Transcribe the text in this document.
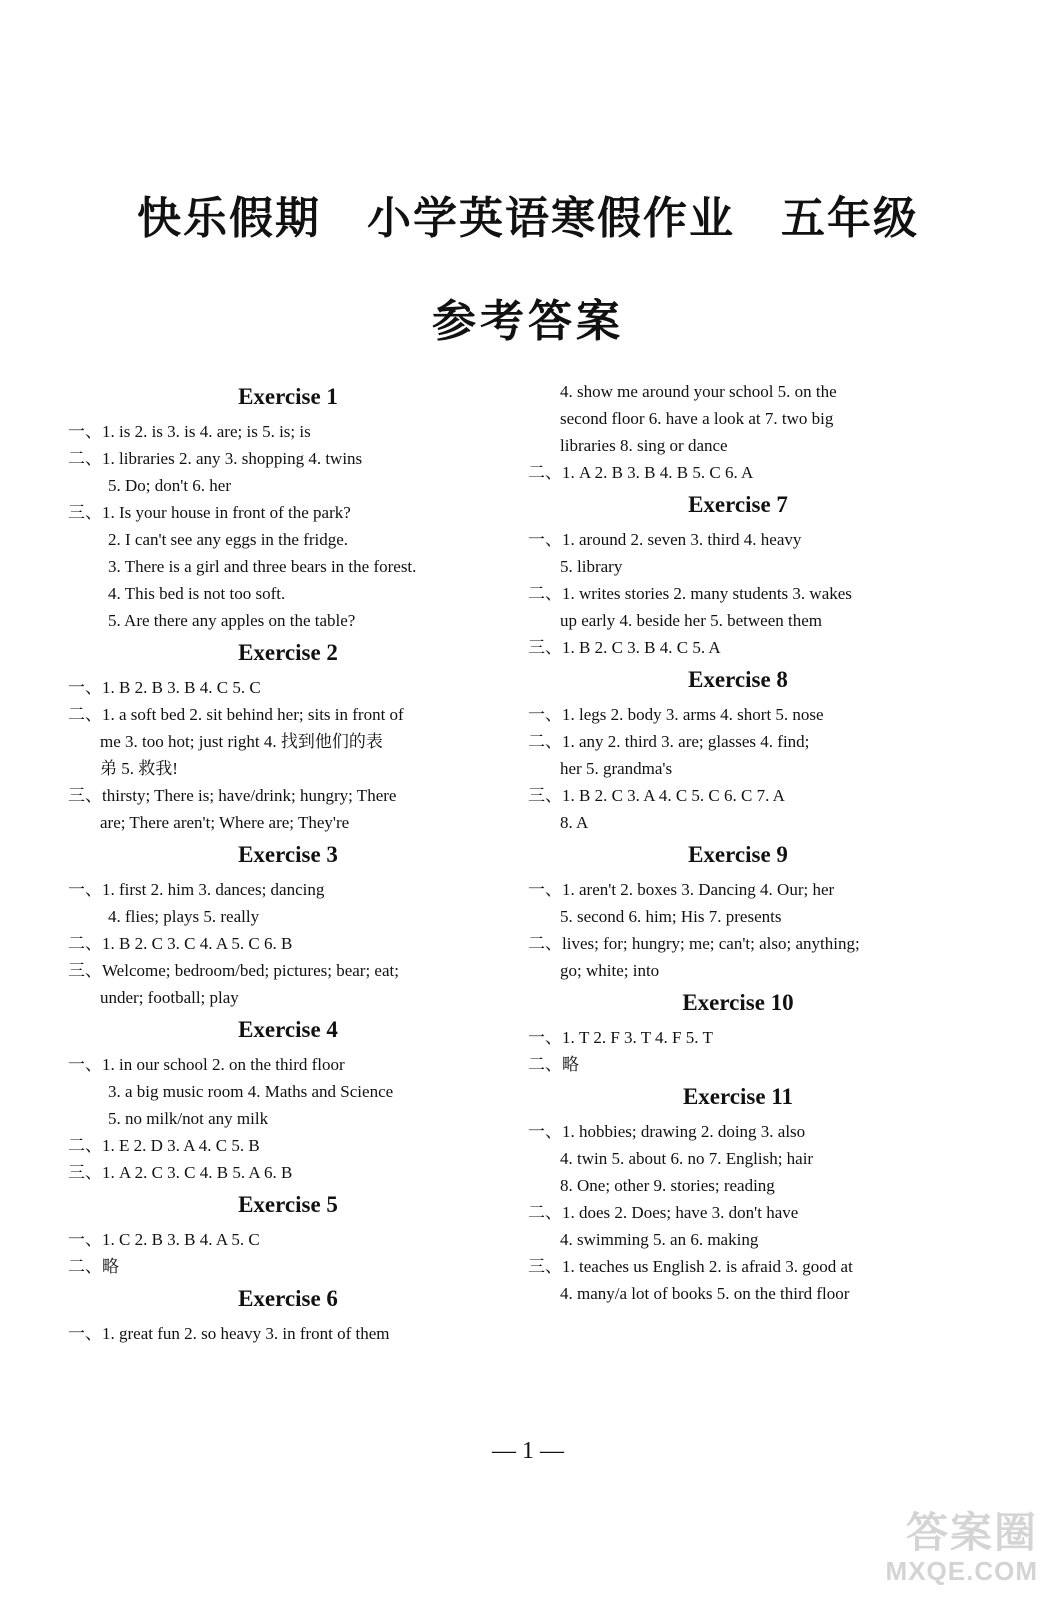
快乐假期　小学英语寒假作业　五年级
参考答案
Exercise 1
一、1. is 2. is 3. is 4. are; is 5. is; is
二、1. libraries 2. any 3. shopping 4. twins
5. Do; don't 6. her
三、1. Is your house in front of the park?
2. I can't see any eggs in the fridge.
3. There is a girl and three bears in the forest.
4. This bed is not too soft.
5. Are there any apples on the table?
Exercise 2
一、1. B 2. B 3. B 4. C 5. C
二、1. a soft bed 2. sit behind her; sits in front of
me 3. too hot; just right 4. 找到他们的表
弟 5. 救我!
三、thirsty; There is; have/drink; hungry; There
are; There aren't; Where are; They're
Exercise 3
一、1. first 2. him 3. dances; dancing
4. flies; plays 5. really
二、1. B 2. C 3. C 4. A 5. C 6. B
三、Welcome; bedroom/bed; pictures; bear; eat;
under; football; play
Exercise 4
一、1. in our school 2. on the third floor
3. a big music room 4. Maths and Science
5. no milk/not any milk
二、1. E 2. D 3. A 4. C 5. B
三、1. A 2. C 3. C 4. B 5. A 6. B
Exercise 5
一、1. C 2. B 3. B 4. A 5. C
二、略
Exercise 6
一、1. great fun 2. so heavy 3. in front of them
4. show me around your school 5. on the
second floor 6. have a look at 7. two big
libraries 8. sing or dance
二、1. A 2. B 3. B 4. B 5. C 6. A
Exercise 7
一、1. around 2. seven 3. third 4. heavy
5. library
二、1. writes stories 2. many students 3. wakes
up early 4. beside her 5. between them
三、1. B 2. C 3. B 4. C 5. A
Exercise 8
一、1. legs 2. body 3. arms 4. short 5. nose
二、1. any 2. third 3. are; glasses 4. find;
her 5. grandma's
三、1. B 2. C 3. A 4. C 5. C 6. C 7. A
8. A
Exercise 9
一、1. aren't 2. boxes 3. Dancing 4. Our; her
5. second 6. him; His 7. presents
二、lives; for; hungry; me; can't; also; anything;
go; white; into
Exercise 10
一、1. T 2. F 3. T 4. F 5. T
二、略
Exercise 11
一、1. hobbies; drawing 2. doing 3. also
4. twin 5. about 6. no 7. English; hair
8. One; other 9. stories; reading
二、1. does 2. Does; have 3. don't have
4. swimming 5. an 6. making
三、1. teaches us English 2. is afraid 3. good at
4. many/a lot of books 5. on the third floor
— 1 —
答案圈
MXQE.COM
